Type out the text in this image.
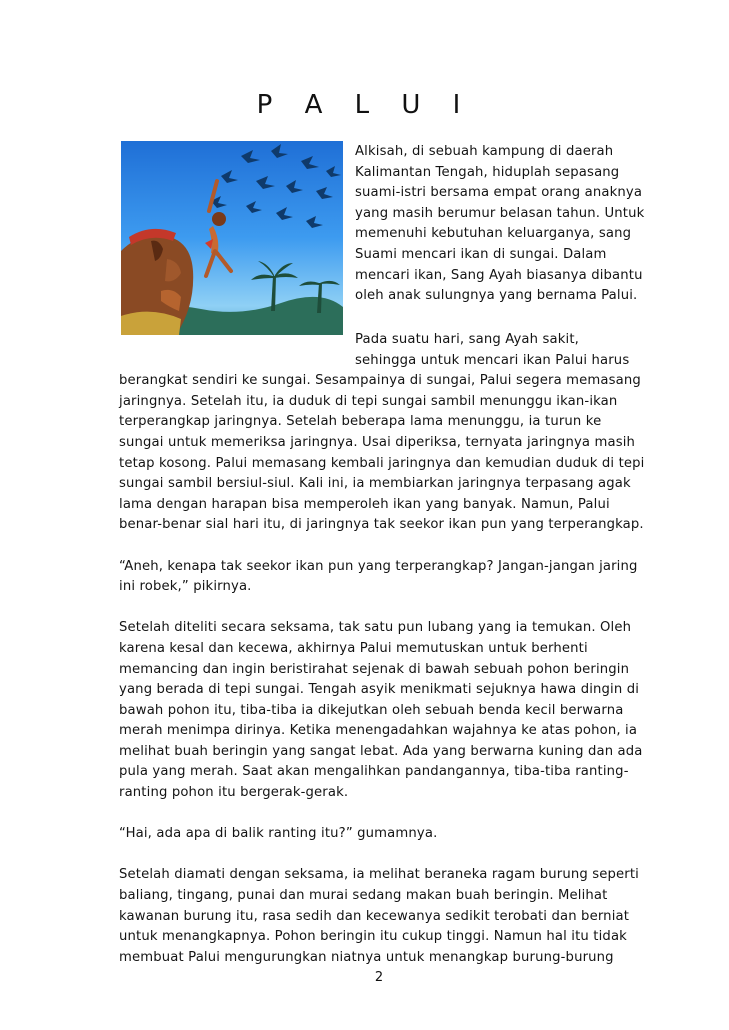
P A L U I

Alkisah, di sebuah kampung di daerah Kalimantan Tengah, hiduplah sepasang suami-istri bersama empat orang anaknya yang masih berumur belasan tahun. Untuk memenuhi kebutuhan keluarganya, sang Suami mencari ikan di sungai. Dalam mencari ikan, Sang Ayah biasanya dibantu oleh anak sulungnya yang bernama Palui.

Pada suatu hari, sang Ayah sakit,
sehingga untuk mencari ikan Palui harus

berangkat sendiri ke sungai. Sesampainya di sungai, Palui segera memasang jaringnya. Setelah itu, ia duduk di tepi sungai sambil menunggu ikan-ikan terperangkap jaringnya. Setelah beberapa lama menunggu, ia turun ke sungai untuk memeriksa jaringnya. Usai diperiksa, ternyata jaringnya masih tetap kosong. Palui memasang kembali jaringnya dan kemudian duduk di tepi sungai sambil bersiul-siul. Kali ini, ia membiarkan jaringnya terpasang agak lama dengan harapan bisa memperoleh ikan yang banyak. Namun, Palui benar-benar sial hari itu, di jaringnya tak seekor ikan pun yang terperangkap.

“Aneh, kenapa tak seekor ikan pun yang terperangkap? Jangan-jangan jaring ini robek,” pikirnya.

Setelah diteliti secara seksama, tak satu pun lubang yang ia temukan. Oleh karena kesal dan kecewa, akhirnya Palui memutuskan untuk berhenti memancing dan ingin beristirahat sejenak di bawah sebuah pohon beringin yang berada di tepi sungai. Tengah asyik menikmati sejuknya hawa dingin di bawah pohon itu, tiba-tiba ia dikejutkan oleh sebuah benda kecil berwarna merah menimpa dirinya. Ketika menengadahkan wajahnya ke atas pohon, ia melihat buah beringin yang sangat lebat. Ada yang berwarna kuning dan ada pula yang merah. Saat akan mengalihkan pandangannya, tiba-tiba ranting-ranting pohon itu bergerak-gerak.

“Hai, ada apa di balik ranting itu?” gumamnya.

Setelah diamati dengan seksama, ia melihat beraneka ragam burung seperti baliang, tingang, punai dan murai sedang makan buah beringin. Melihat kawanan burung itu, rasa sedih dan kecewanya sedikit terobati dan berniat untuk menangkapnya. Pohon beringin itu cukup tinggi. Namun hal itu tidak membuat Palui mengurungkan niatnya untuk menangkap burung-burung

2
